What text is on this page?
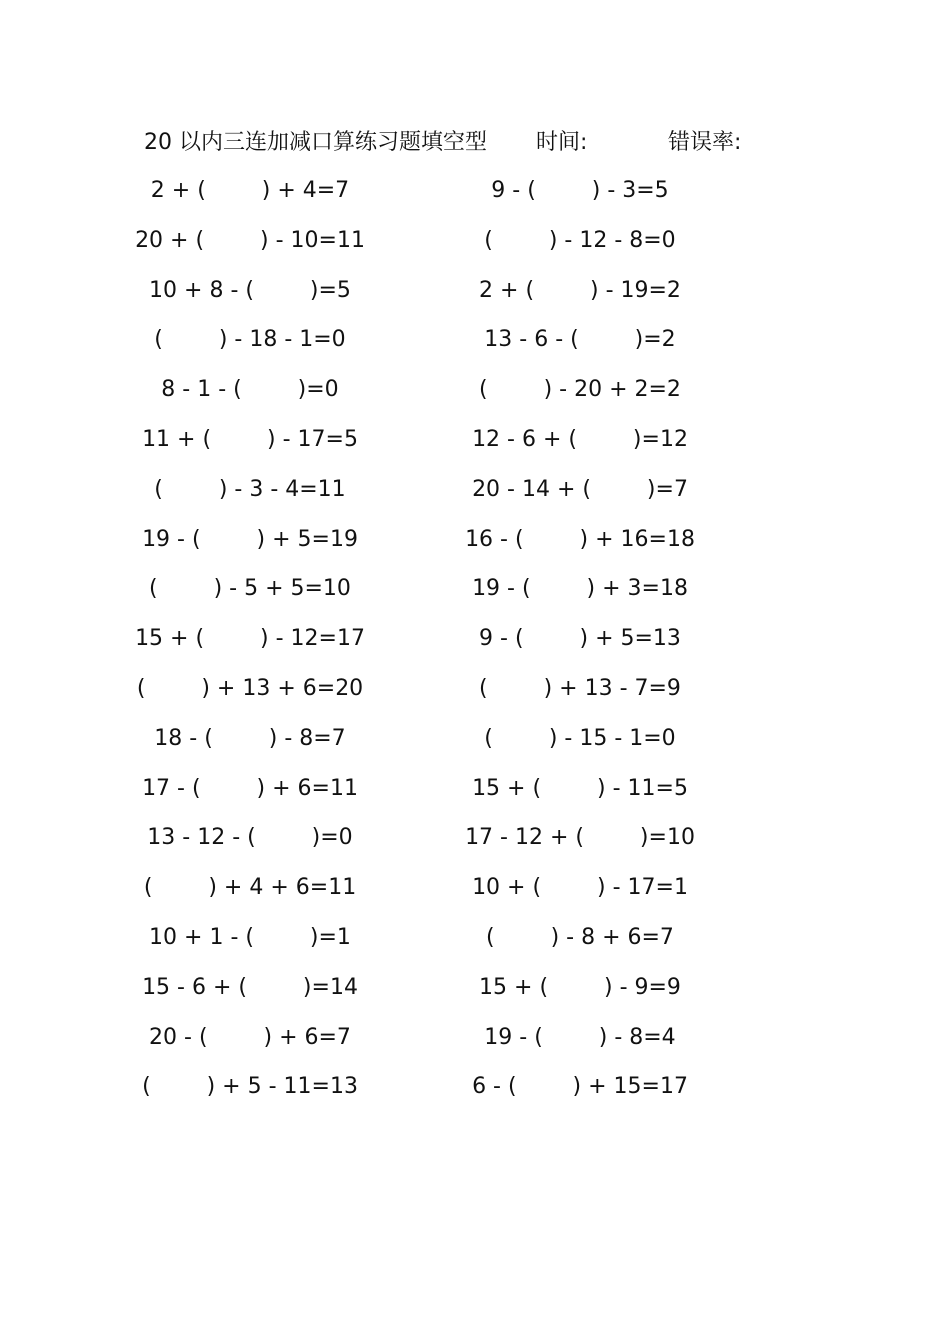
20 以内三连加减口算练习题填空型 时间:	错误率:
2 + (        ) + 4=7	9 - (        ) - 3=5
20 + (        ) - 10=11	(        ) - 12 - 8=0
10 + 8 - (        )=5	2 + (        ) - 19=2
(        ) - 18 - 1=0	13 - 6 - (        )=2
8 - 1 - (        )=0	(        ) - 20 + 2=2
11 + (        ) - 17=5	12 - 6 + (        )=12
(        ) - 3 - 4=11	20 - 14 + (        )=7
19 - (        ) + 5=19	16 - (        ) + 16=18
(        ) - 5 + 5=10	19 - (        ) + 3=18
15 + (        ) - 12=17	9 - (        ) + 5=13
(        ) + 13 + 6=20	(        ) + 13 - 7=9
18 - (        ) - 8=7	(        ) - 15 - 1=0
17 - (        ) + 6=11	15 + (        ) - 11=5
13 - 12 - (        )=0	17 - 12 + (        )=10
(        ) + 4 + 6=11	10 + (        ) - 17=1
10 + 1 - (        )=1	(        ) - 8 + 6=7
15 - 6 + (        )=14	15 + (        ) - 9=9
20 - (        ) + 6=7	19 - (        ) - 8=4
(        ) + 5 - 11=13	6 - (        ) + 15=17
